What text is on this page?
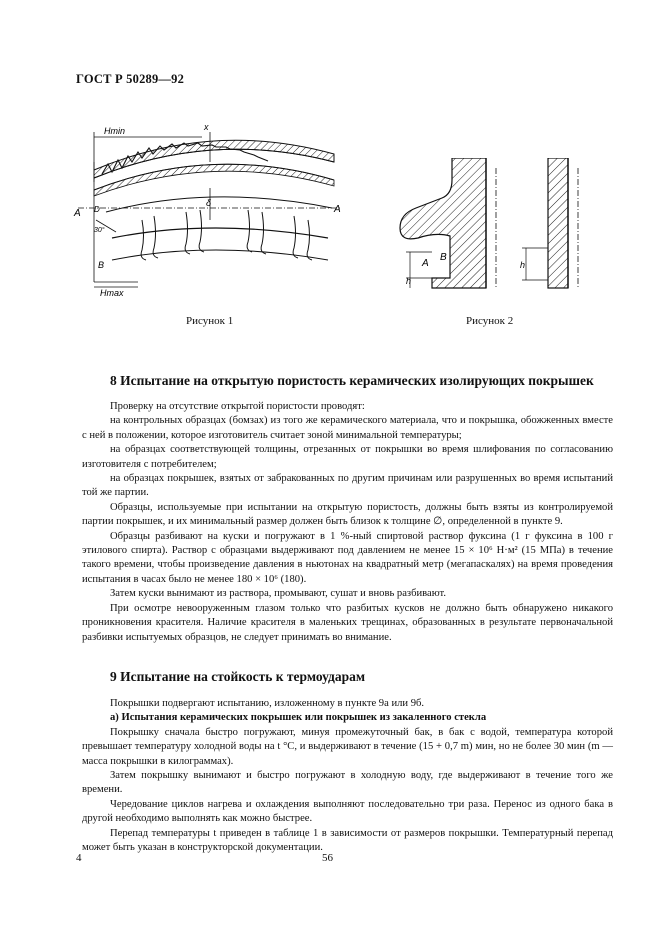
ГОСТ Р 50289—92
Hmin	x
A	A
D
30°
δ
B
Hmax
Рисунок 1
A
B
h
h
Рисунок 2
8 Испытание на открытую пористость керамических изолирующих покрышек

Проверку на отсутствие открытой пористости проводят:

на контрольных образцах (бомзах) из того же керамического материала, что и покрышка, обожженных вместе с ней в положении, которое изготовитель считает зоной минимальной температуры;

на образцах соответствующей толщины, отрезанных от покрышки во время шлифования по согласованию изготовителя с потребителем;

на образцах покрышек, взятых от забракованных по другим причинам или разрушенных во время испытаний той же партии.

Образцы, используемые при испытании на открытую пористость, должны быть взяты из контролируемой партии покрышек, и их минимальный размер должен быть близок к толщине ∅, определенной в пункте 9.

Образцы разбивают на куски и погружают в 1 %-ный спиртовой раствор фуксина (1 г фуксина в 100 г этилового спирта). Раствор с образцами выдерживают под давлением не менее 15 × 10⁶ Н·м² (15 МПа) в течение такого времени, чтобы произведение давления в ньютонах на квадратный метр (мегапаскалях) на время проведения испытания в часах было не менее 180 × 10⁶ (180).

Затем куски вынимают из раствора, промывают, сушат и вновь разбивают.

При осмотре невооруженным глазом только что разбитых кусков не должно быть обнаружено никакого проникновения красителя. Наличие красителя в маленьких трещинах, образованных в результате первоначальной разбивки испытуемых образцов, не следует принимать во внимание.

9 Испытание на стойкость к термоударам

Покрышки подвергают испытанию, изложенному в пункте 9а или 9б.

а) Испытания керамических покрышек или покрышек из закаленного стекла

Покрышку сначала быстро погружают, минуя промежуточный бак, в бак с водой, температура которой превышает температуру холодной воды на t °C, и выдерживают в течение (15 + 0,7 m) мин, но не более 30 мин (m — масса покрышки в килограммах).

Затем покрышку вынимают и быстро погружают в холодную воду, где выдерживают в течение того же времени.

Чередование циклов нагрева и охлаждения выполняют последовательно три раза. Перенос из одного бака в другой необходимо выполнять как можно быстрее.

Перепад температуры t приведен в таблице 1 в зависимости от размеров покрышки. Температурный перепад может быть указан в конструкторской документации.

4	56
